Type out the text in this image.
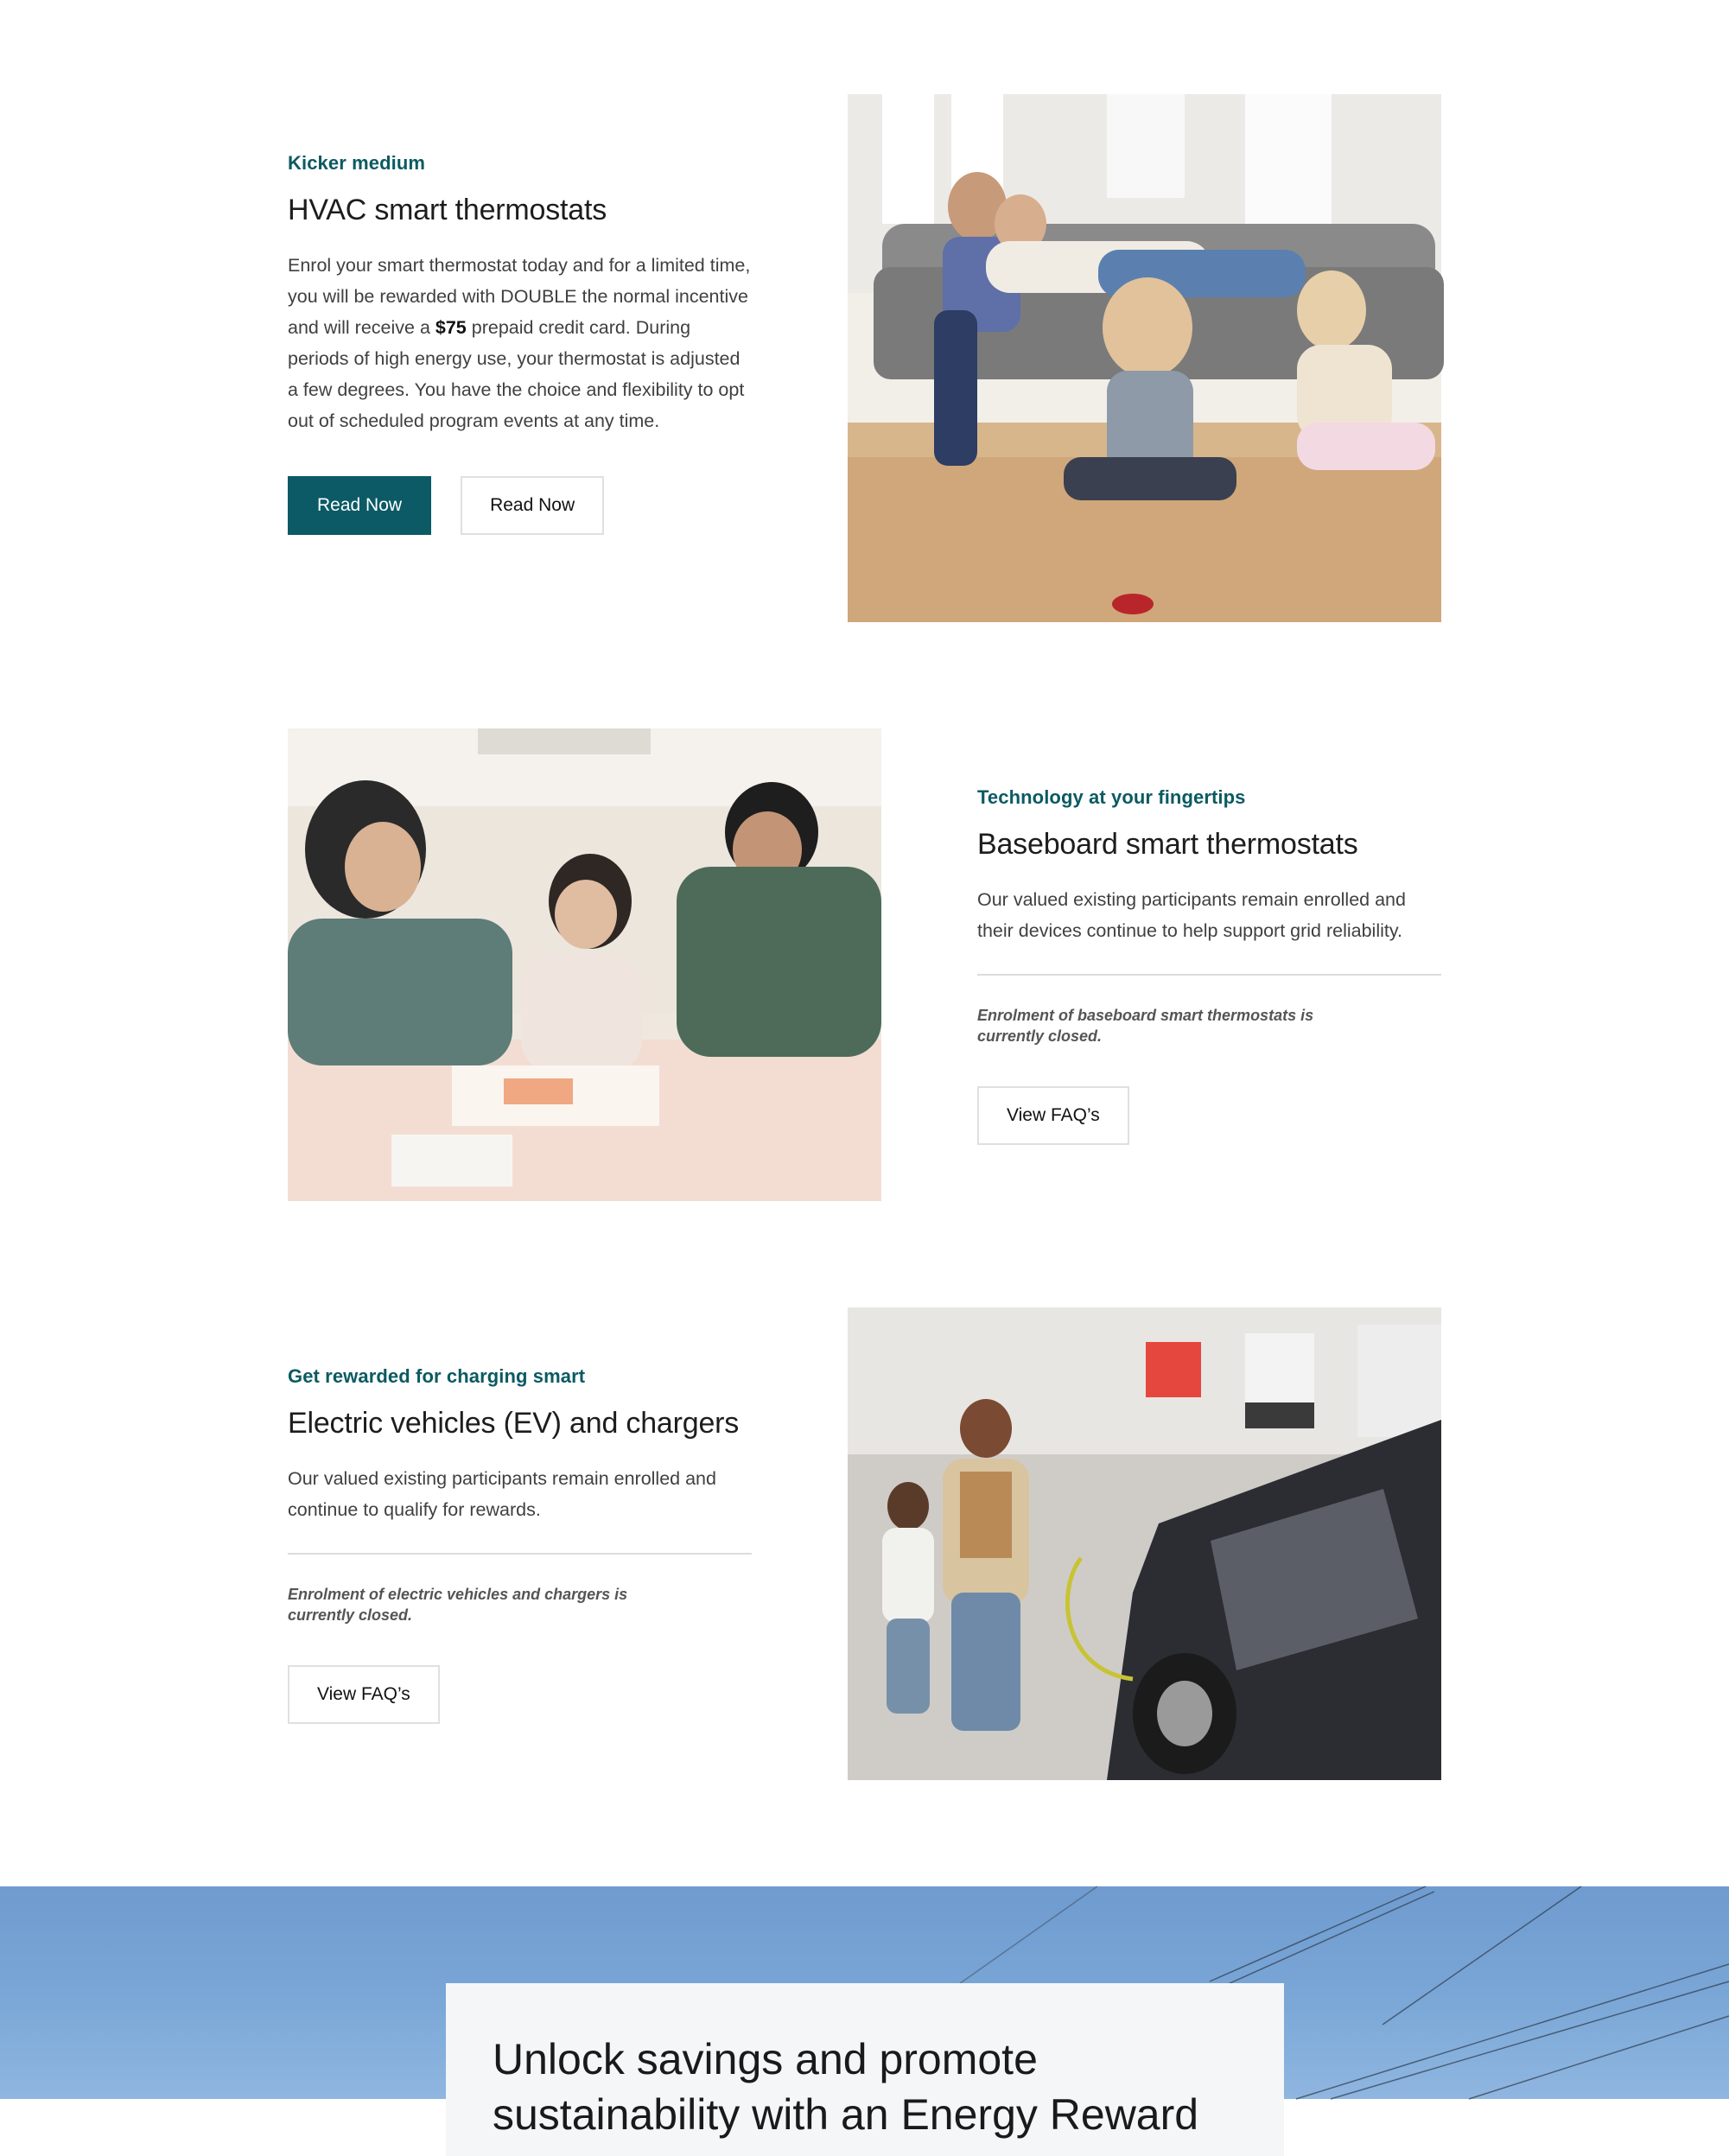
Kicker medium
HVAC smart thermostats
Enrol your smart thermostat today and for a limited time, you will be rewarded with DOUBLE the normal incentive and will receive a $75 prepaid credit card. During periods of high energy use, your thermostat is adjusted a few degrees. You have the choice and flexibility to opt out of scheduled program events at any time.
Read Now	Read Now
Technology at your fingertips
Baseboard smart thermostats
Our valued existing participants remain enrolled and their devices continue to help support grid reliability.
Enrolment of baseboard smart thermostats is currently closed.
View FAQ’s
Get rewarded for charging smart
Electric vehicles (EV) and chargers
Our valued existing participants remain enrolled and continue to qualify for rewards.
Enrolment of electric vehicles and chargers is currently closed.
View FAQ’s
Unlock savings and promote sustainability with an Energy Reward
